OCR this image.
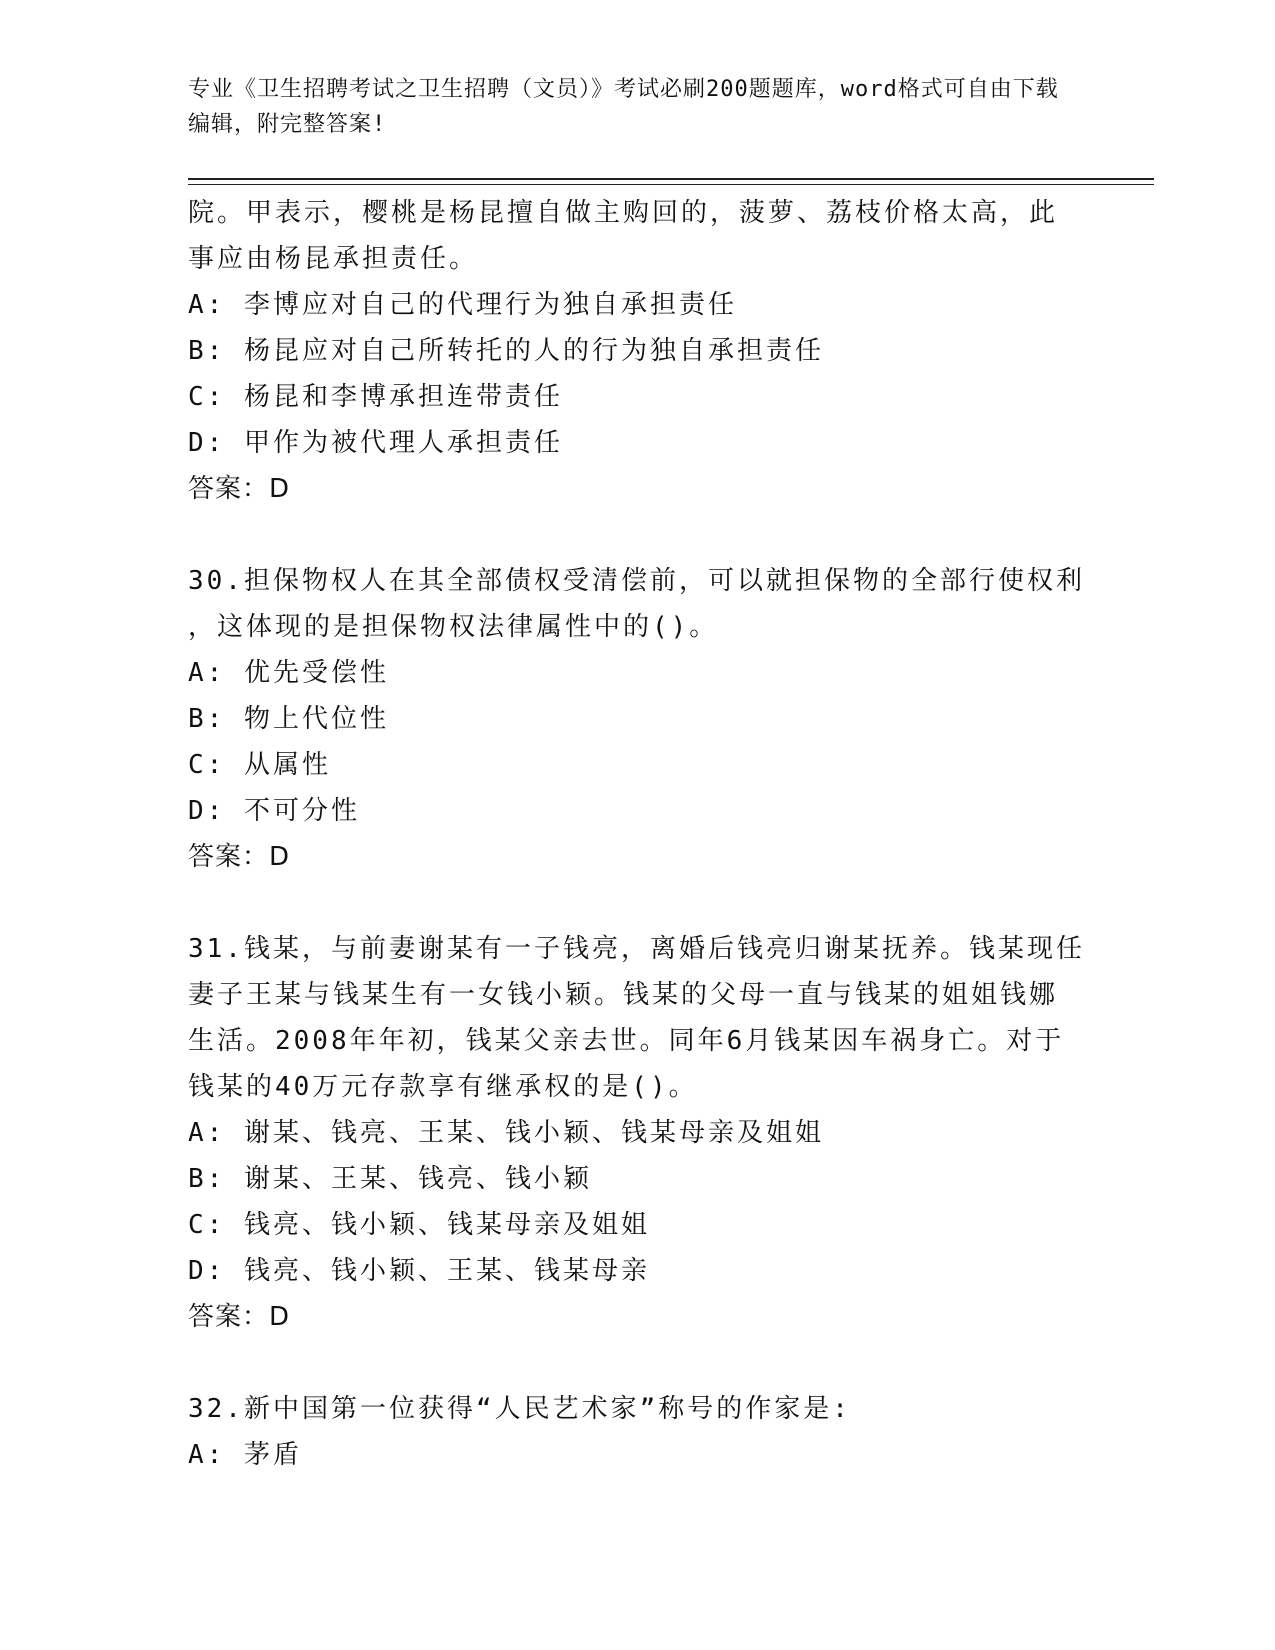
专业《卫生招聘考试之卫生招聘（文员）》考试必刷200题题库，word格式可自由下载编辑，附完整答案!
院。甲表示，樱桃是杨昆擅自做主购回的，菠萝、荔枝价格太高，此
事应由杨昆承担责任。
A: 李博应对自己的代理行为独自承担责任
B: 杨昆应对自己所转托的人的行为独自承担责任
C: 杨昆和李博承担连带责任
D: 甲作为被代理人承担责任
答案：D
30.担保物权人在其全部债权受清偿前，可以就担保物的全部行使权利
，这体现的是担保物权法律属性中的()。
A: 优先受偿性
B: 物上代位性
C: 从属性
D: 不可分性
答案：D
31.钱某，与前妻谢某有一子钱亮，离婚后钱亮归谢某抚养。钱某现任
妻子王某与钱某生有一女钱小颖。钱某的父母一直与钱某的姐姐钱娜
生活。2008年年初，钱某父亲去世。同年6月钱某因车祸身亡。对于
钱某的40万元存款享有继承权的是()。
A: 谢某、钱亮、王某、钱小颖、钱某母亲及姐姐
B: 谢某、王某、钱亮、钱小颖
C: 钱亮、钱小颖、钱某母亲及姐姐
D: 钱亮、钱小颖、王某、钱某母亲
答案：D
32.新中国第一位获得“人民艺术家”称号的作家是:
A: 茅盾
